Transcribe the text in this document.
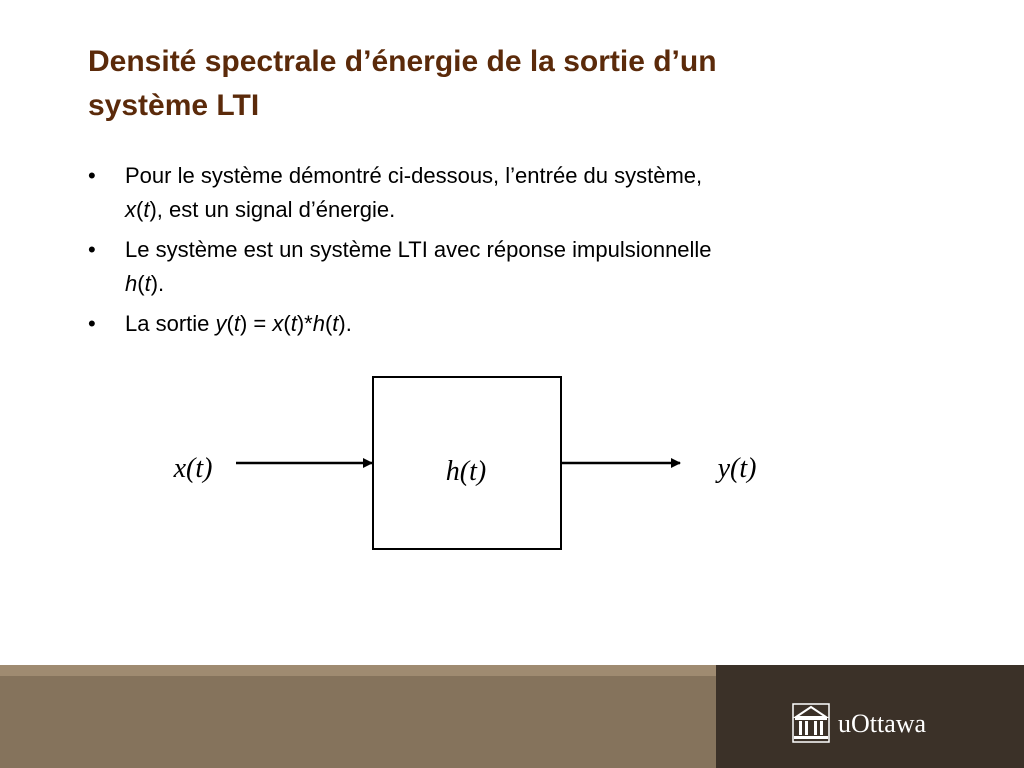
Densité spectrale d’énergie de la sortie d’un
système LTI
• Pour le système démontré ci-dessous, l’entrée du système,
x(t), est un signal d’énergie.
• Le système est un système LTI avec réponse impulsionnelle
h(t).
• La sortie y(t) = x(t)*h(t).
x(t)	h(t)	y(t)
uOttawa
